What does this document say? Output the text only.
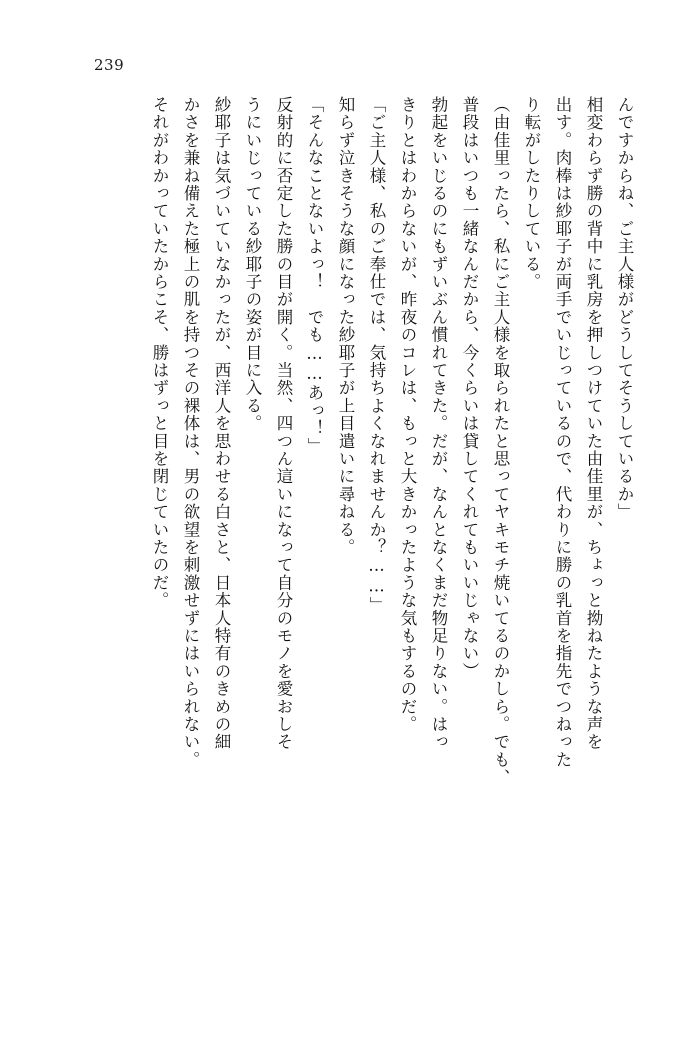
239
んですからね、ご主人様がどうしてそうしているか」相変わらず勝の背中に乳房を押しつけていた由佳里が、ちょっと拗ねたような声を出す。肉棒は紗耶子が両手でいじっているので、代わりに勝の乳首を指先でつねったり転がしたりしている。（由佳里ったら、私にご主人様を取られたと思ってヤキモチ焼いてるのかしら。でも、普段はいつも一緒なんだから、今くらいは貸してくれてもいいじゃない）勃起をいじるのにもずいぶん慣れてきた。だが、なんとなくまだ物足りない。はっきりとはわからないが、昨夜のコレは、もっと大きかったような気もするのだ。「ご主人様、私のご奉仕では、気持ちよくなれませんか？……」知らず泣きそうな顔になった紗耶子が上目遣いに尋ねる。「そんなことないよっ！　でも……あっ！」反射的に否定した勝の目が開く。当然、四つん這いになって自分のモノを愛おしそうにいじっている紗耶子の姿が目に入る。紗耶子は気づいていなかったが、西洋人を思わせる白さと、日本人特有のきめの細かさを兼ね備えた極上の肌を持つその裸体は、男の欲望を刺激せずにはいられない。それがわかっていたからこそ、勝はずっと目を閉じていたのだ。
